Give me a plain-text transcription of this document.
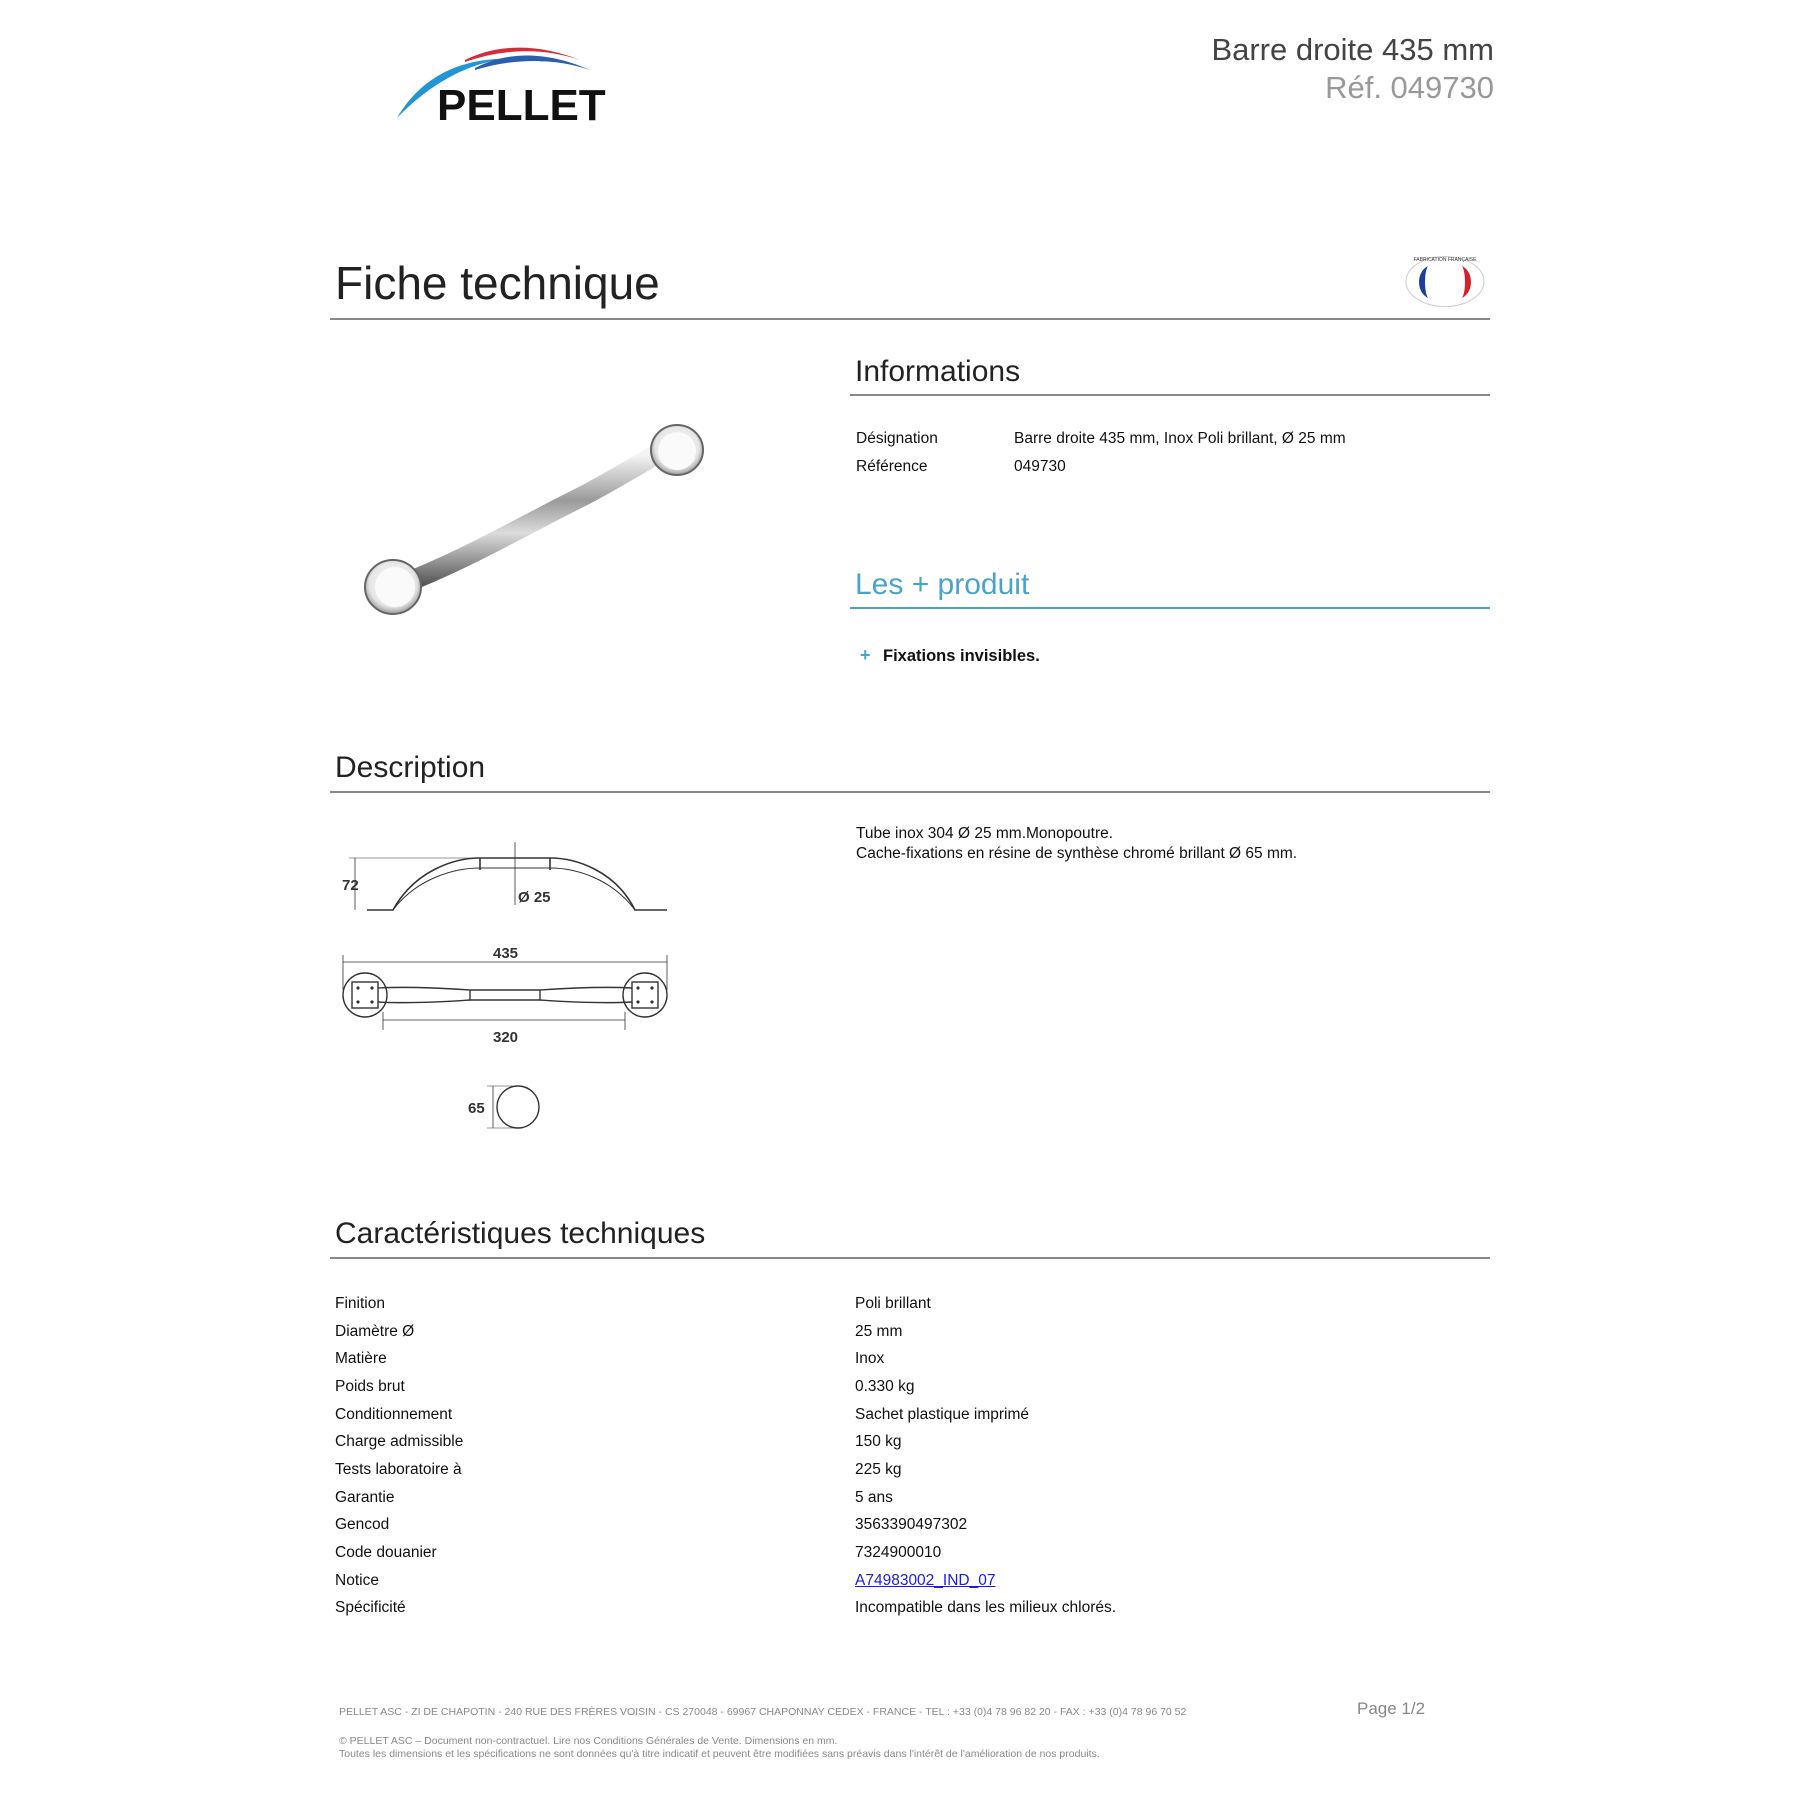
PELLET
Barre droite 435 mm
Réf. 049730
Fiche technique	FABRICATION FRANÇAISE
Informations
Désignation	Barre droite 435 mm, Inox Poli brillant, Ø 25 mm
Référence	049730
Les + produit
+ Fixations invisibles.
Description
72
Ø 25
435
320
65
Tube inox 304 Ø 25 mm.Monopoutre.
Cache-fixations en résine de synthèse chromé brillant Ø 65 mm.
Caractéristiques techniques
Finition	Poli brillant
Diamètre Ø	25 mm
Matière	Inox
Poids brut	0.330 kg
Conditionnement	Sachet plastique imprimé
Charge admissible	150 kg
Tests laboratoire à	225 kg
Garantie	5 ans
Gencod	3563390497302
Code douanier	7324900010
Notice	A74983002_IND_07
Spécificité	Incompatible dans les milieux chlorés.
PELLET ASC - ZI DE CHAPOTIN - 240 RUE DES FRÈRES VOISIN - CS 270048 - 69967 CHAPONNAY CEDEX - FRANCE - TEL : +33 (0)4 78 96 82 20 - FAX : +33 (0)4 78 96 70 52	Page 1/2
© PELLET ASC – Document non-contractuel. Lire nos Conditions Générales de Vente. Dimensions en mm.
Toutes les dimensions et les spécifications ne sont données qu'à titre indicatif et peuvent être modifiées sans préavis dans l'intérêt de l'amélioration de nos produits.
